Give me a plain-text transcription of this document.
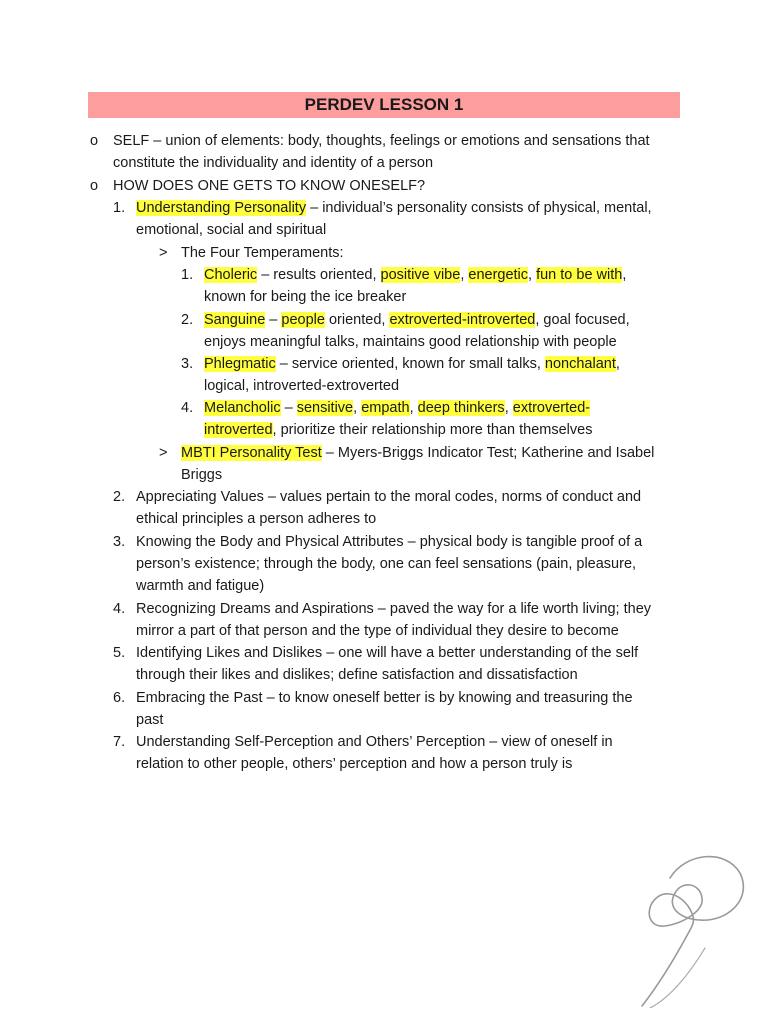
PERDEV LESSON 1
o SELF – union of elements: body, thoughts, feelings or emotions and sensations that
constitute the individuality and identity of a person
o HOW DOES ONE GETS TO KNOW ONESELF?
1. Understanding Personality – individual’s personality consists of physical, mental,
emotional, social and spiritual
> The Four Temperaments:
1. Choleric – results oriented, positive vibe, energetic, fun to be with,
known for being the ice breaker
2. Sanguine – people oriented, extroverted-introverted, goal focused,
enjoys meaningful talks, maintains good relationship with people
3. Phlegmatic – service oriented, known for small talks, nonchalant,
logical, introverted-extroverted
4. Melancholic – sensitive, empath, deep thinkers, extroverted-
introverted, prioritize their relationship more than themselves
> MBTI Personality Test – Myers-Briggs Indicator Test; Katherine and Isabel
Briggs
2. Appreciating Values – values pertain to the moral codes, norms of conduct and
ethical principles a person adheres to
3. Knowing the Body and Physical Attributes – physical body is tangible proof of a
person’s existence; through the body, one can feel sensations (pain, pleasure,
warmth and fatigue)
4. Recognizing Dreams and Aspirations – paved the way for a life worth living; they
mirror a part of that person and the type of individual they desire to become
5. Identifying Likes and Dislikes – one will have a better understanding of the self
through their likes and dislikes; define satisfaction and dissatisfaction
6. Embracing the Past – to know oneself better is by knowing and treasuring the
past
7. Understanding Self-Perception and Others’ Perception – view of oneself in
relation to other people, others’ perception and how a person truly is
